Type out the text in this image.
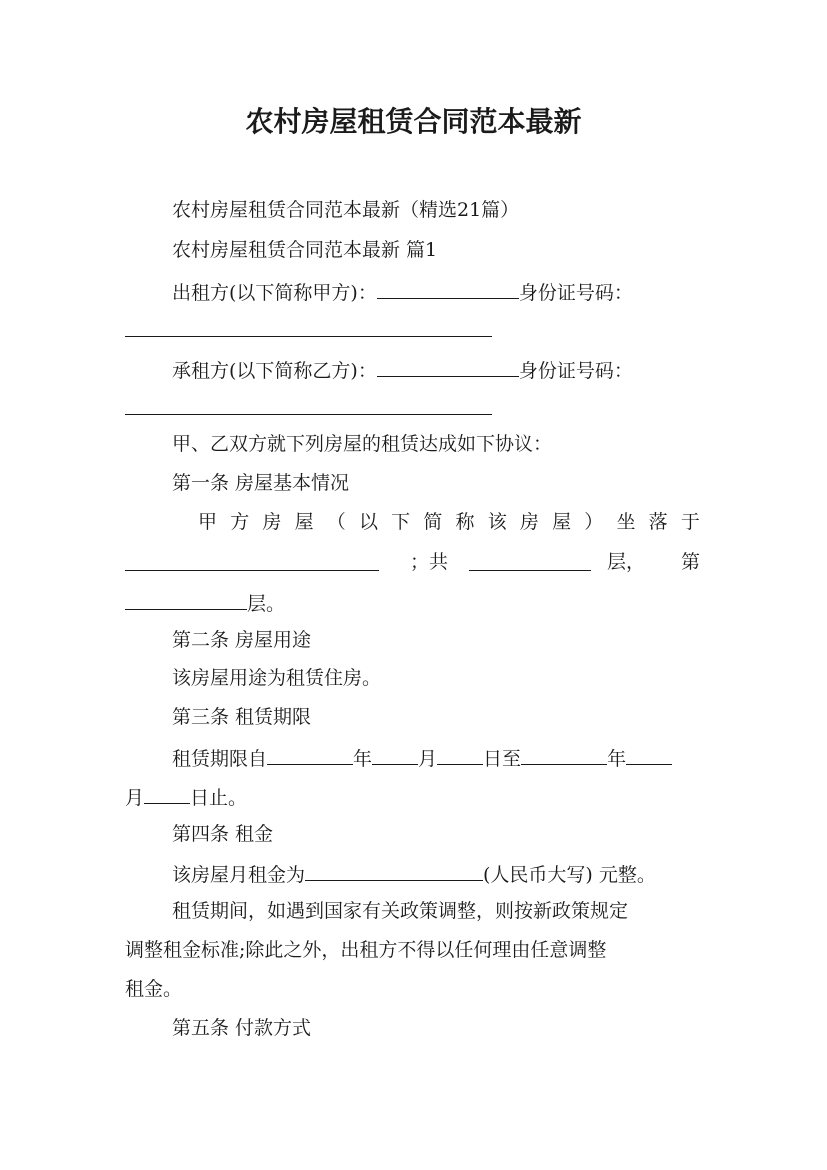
农村房屋租赁合同范本最新
农村房屋租赁合同范本最新（精选21篇）
农村房屋租赁合同范本最新 篇1
出租方(以下简称甲方)：	身份证号码：
承租方(以下简称乙方)：	身份证号码：
甲、乙双方就下列房屋的租赁达成如下协议：
第一条 房屋基本情况
甲 方 房 屋 （ 以 下 简 称 该 房 屋 ） 坐 落 于
；共	层， 第
层。
第二条 房屋用途
该房屋用途为租赁住房。
第三条 租赁期限
租赁期限自	年 月 日至	年
月 日止。
第四条 租金
该房屋月租金为	(人民币大写) 元整。
租赁期间，如遇到国家有关政策调整，则按新政策规定
调整租金标准;除此之外，出租方不得以任何理由任意调整
租金。
第五条 付款方式
